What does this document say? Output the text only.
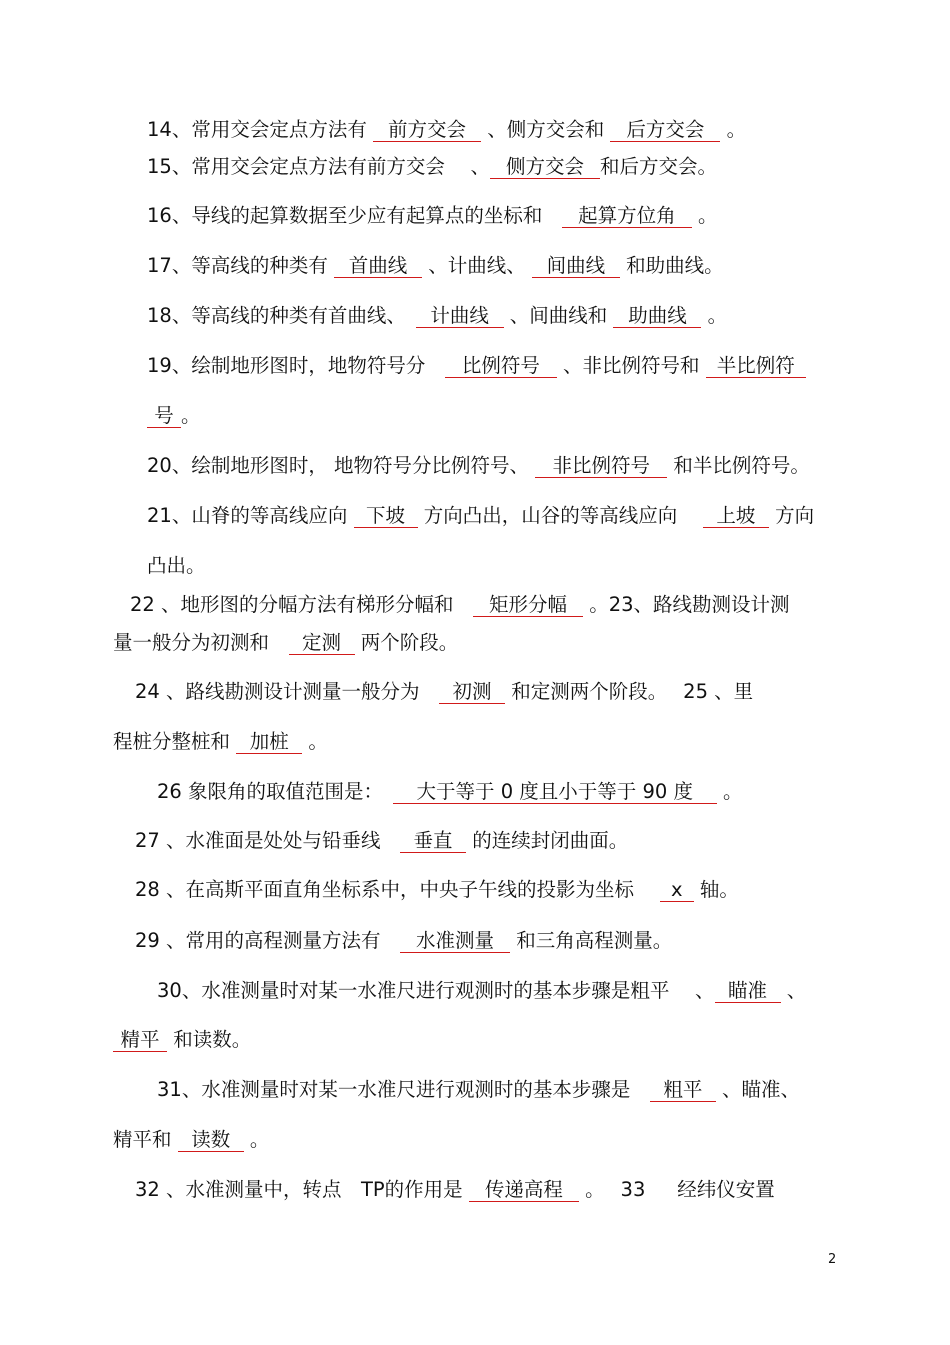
14、常用交会定点方法有 前方交会 、侧方交会和 后方交会 。
15、常用交会定点方法有前方交会　 、 侧方交会 和后方交会。
16、导线的起算数据至少应有起算点的坐标和　起算方位角 。
17、等高线的种类有 首曲线 、计曲线、 间曲线 和助曲线。
18、等高线的种类有首曲线、　计曲线 、间曲线和 助曲线 。
19、绘制地形图时，地物符号分　比例符号 、非比例符号和 半比例符
号 。
20、绘制地形图时， 地物符号分比例符号、 非比例符号 和半比例符号。
21、山脊的等高线应向 下坡 方向凸出，山谷的等高线应向 　上坡 方向
凸出。
22 、地形图的分幅方法有梯形分幅和　矩形分幅 。23、路线勘测设计测
量一般分为初测和　定测 两个阶段。
24 、路线勘测设计测量一般分为　初测 和定测两个阶段。　 25 、里
程桩分整桩和 加桩 。
26 象限角的取值范围是：　大于等于 0 度且小于等于 90 度 。
27 、水准面是处处与铅垂线　垂直 的连续封闭曲面。
28 、在高斯平面直角坐标系中，中央子午线的投影为坐标　 x 轴。
29 、常用的高程测量方法有　水准测量 和三角高程测量。
30、水准测量时对某一水准尺进行观测时的基本步骤是粗平　 、 瞄准 、
精平 和读数。
31、水准测量时对某一水准尺进行观测时的基本步骤是　粗平 、瞄准、
精平和 读数 。
32 、水准测量中，转点　TP的作用是 传递高程 。　 33 　 经纬仪安置
2
